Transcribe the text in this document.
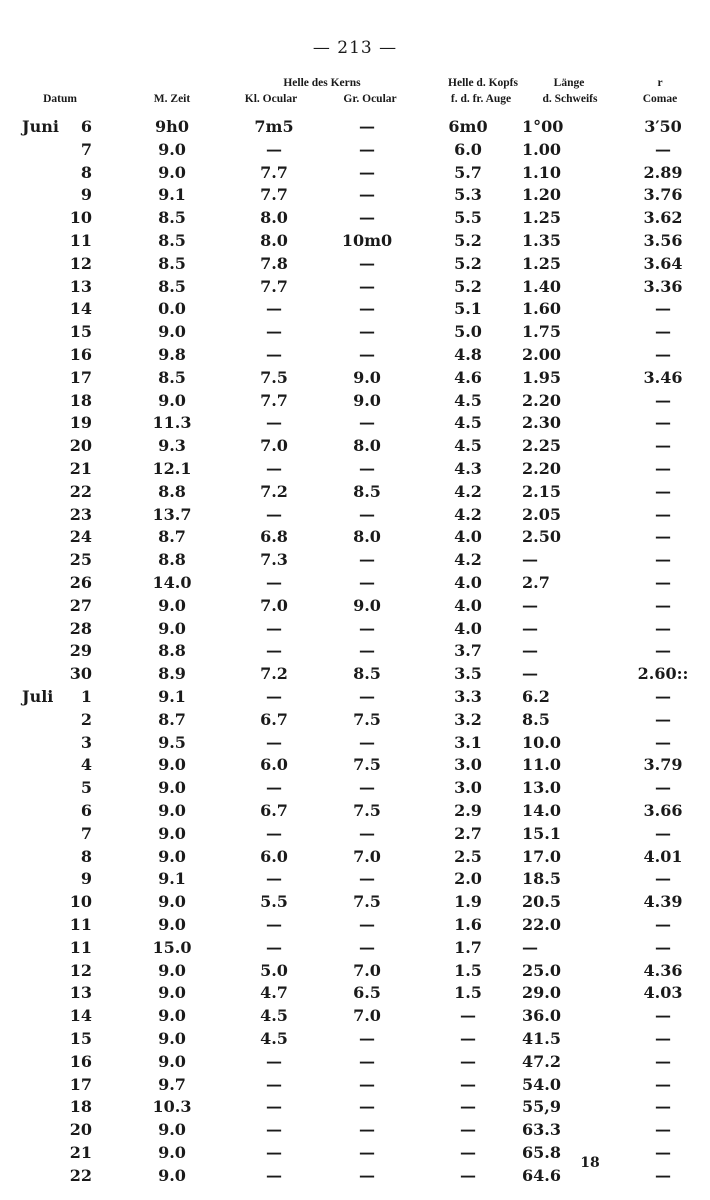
— 213 —
Helle des Kerns	Helle d. Kopfs	Länge	r
Datum	M. Zeit	Kl. Ocular	Gr. Ocular	f. d. fr. Auge	d. Schweifs	Comae
Juni	6	9h0	7m5	—	6m0	1°00	3′50
7	9.0	—	—	6.0	1.00	—
8	9.0	7.7	—	5.7	1.10	2.89
9	9.1	7.7	—	5.3	1.20	3.76
10	8.5	8.0	—	5.5	1.25	3.62
11	8.5	8.0	10m0	5.2	1.35	3.56
12	8.5	7.8	—	5.2	1.25	3.64
13	8.5	7.7	—	5.2	1.40	3.36
14	0.0	—	—	5.1	1.60	—
15	9.0	—	—	5.0	1.75	—
16	9.8	—	—	4.8	2.00	—
17	8.5	7.5	9.0	4.6	1.95	3.46
18	9.0	7.7	9.0	4.5	2.20	—
19	11.3	—	—	4.5	2.30	—
20	9.3	7.0	8.0	4.5	2.25	—
21	12.1	—	—	4.3	2.20	—
22	8.8	7.2	8.5	4.2	2.15	—
23	13.7	—	—	4.2	2.05	—
24	8.7	6.8	8.0	4.0	2.50	—
25	8.8	7.3	—	4.2	—	—
26	14.0	—	—	4.0	2.7	—
27	9.0	7.0	9.0	4.0	—	—
28	9.0	—	—	4.0	—	—
29	8.8	—	—	3.7	—	—
30	8.9	7.2	8.5	3.5	—	2.60::
Juli	1	9.1	—	—	3.3	6.2	—
2	8.7	6.7	7.5	3.2	8.5	—
3	9.5	—	—	3.1	10.0	—
4	9.0	6.0	7.5	3.0	11.0	3.79
5	9.0	—	—	3.0	13.0	—
6	9.0	6.7	7.5	2.9	14.0	3.66
7	9.0	—	—	2.7	15.1	—
8	9.0	6.0	7.0	2.5	17.0	4.01
9	9.1	—	—	2.0	18.5	—
10	9.0	5.5	7.5	1.9	20.5	4.39
11	9.0	—	—	1.6	22.0	—
11	15.0	—	—	1.7	—	—
12	9.0	5.0	7.0	1.5	25.0	4.36
13	9.0	4.7	6.5	1.5	29.0	4.03
14	9.0	4.5	7.0	—	36.0	—
15	9.0	4.5	—	—	41.5	—
16	9.0	—	—	—	47.2	—
17	9.7	—	—	—	54.0	—
18	10.3	—	—	—	55,9	—
20	9.0	—	—	—	63.3	—
21	9.0	—	—	—	65.8	—
22	9.0	—	—	—	64.6	—
18
